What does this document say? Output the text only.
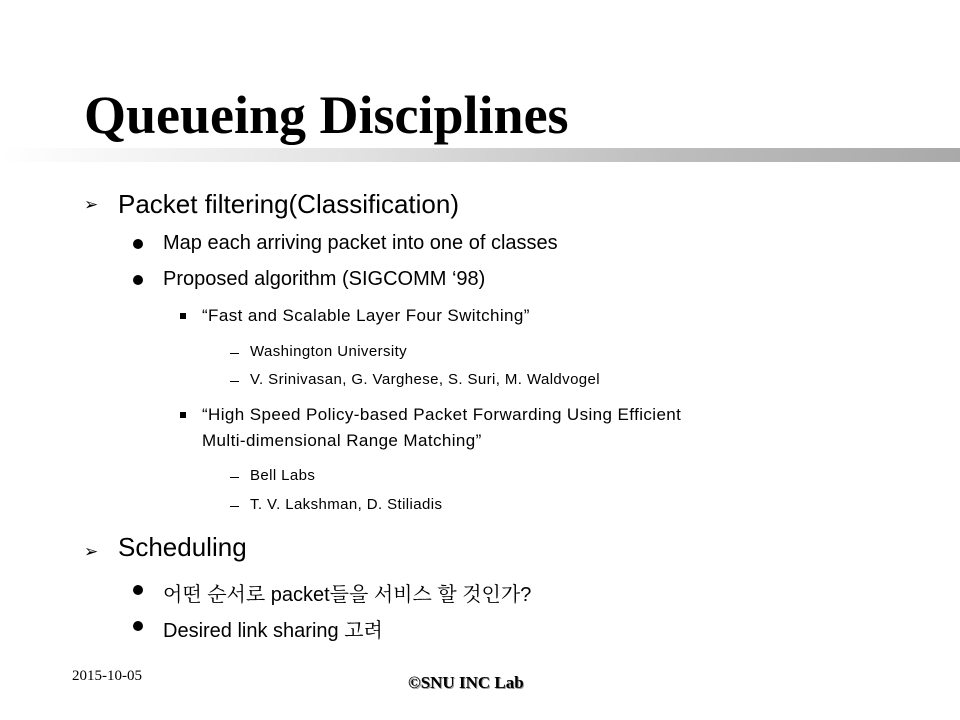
Queueing Disciplines
➢ Packet filtering(Classification)
Map each arriving packet into one of classes
Proposed algorithm (SIGCOMM ‘98)
“Fast and Scalable Layer Four Switching”
Washington University
V. Srinivasan, G. Varghese, S. Suri, M. Waldvogel
“High Speed Policy-based Packet Forwarding Using Efficient
Multi-dimensional Range Matching”
Bell Labs
T. V. Lakshman, D. Stiliadis
➢ Scheduling
어떤 순서로 packet들을 서비스 할 것인가?
Desired link sharing 고려
2015-10-05	©SNU INC Lab
